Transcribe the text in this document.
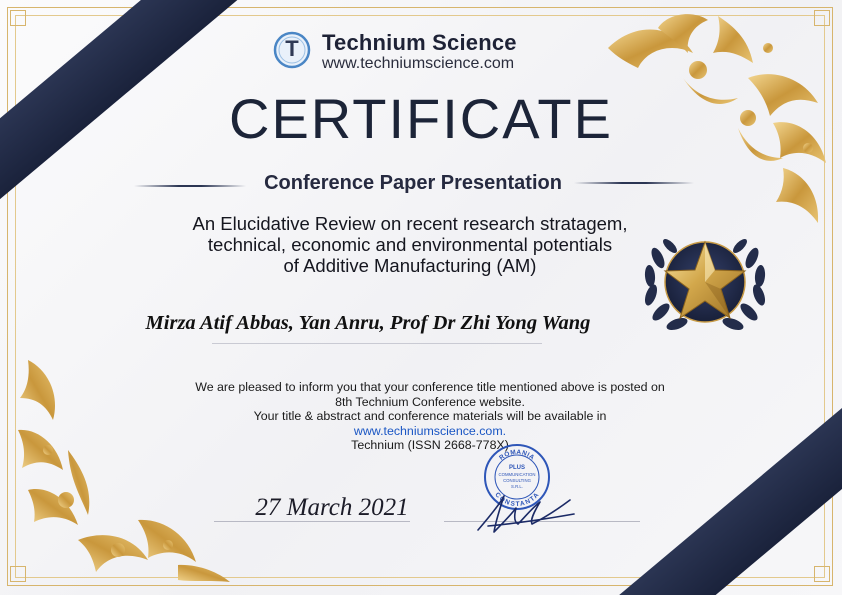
T	Technium Science
www.techniumscience.com
CERTIFICATE
Conference Paper Presentation
An Elucidative Review on recent research stratagem,
technical, economic and environmental potentials
of Additive Manufacturing (AM)
Mirza Atif Abbas, Yan Anru, Prof Dr Zhi Yong Wang
We are pleased to inform you that your conference title mentioned above is posted on
8th Technium Conference website.
Your title & abstract and conference materials will be available in
www.techniumscience.com.
Technium (ISSN 2668-778X)
27 March 2021
ROMANIA
CONSTANTA
PLUS
COMMUNICATION
CONSULTING
S.R.L.
